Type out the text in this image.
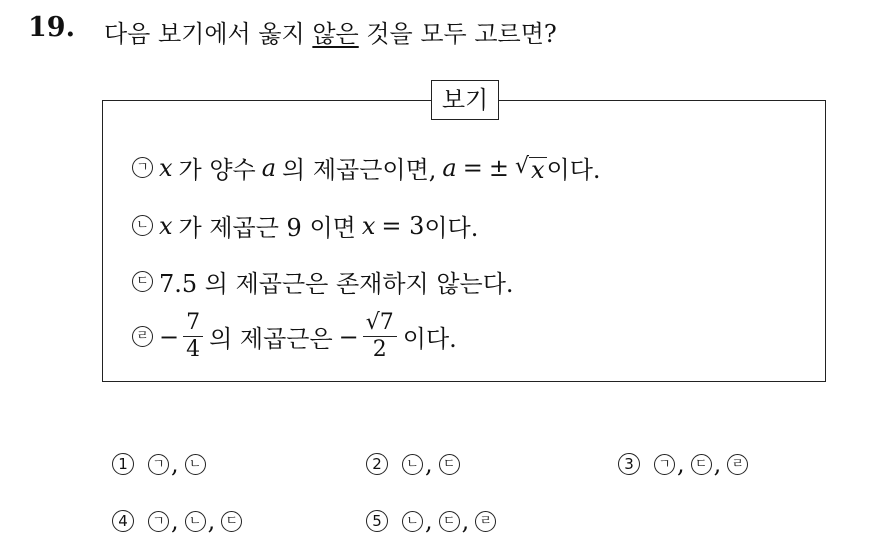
19. 다음 보기에서 옳지 않은 것을 모두 고르면?
보기
ㄱ x 가 양수 a 의 제곱근이면, a = ± √ x 이다.
ㄴ x 가 제곱근 9 이면 x = 3 이다.
ㄷ 7.5 의 제곱근은 존재하지 않는다.
ㄹ − $\frac{7}{4}$ 의 제곱근은 − $\frac{√7}{2}$ 이다.
1	ㄱ , ㄴ	2	ㄴ , ㄷ	3	ㄱ , ㄷ , ㄹ
4	ㄱ , ㄴ , ㄷ	5	ㄴ , ㄷ , ㄹ
